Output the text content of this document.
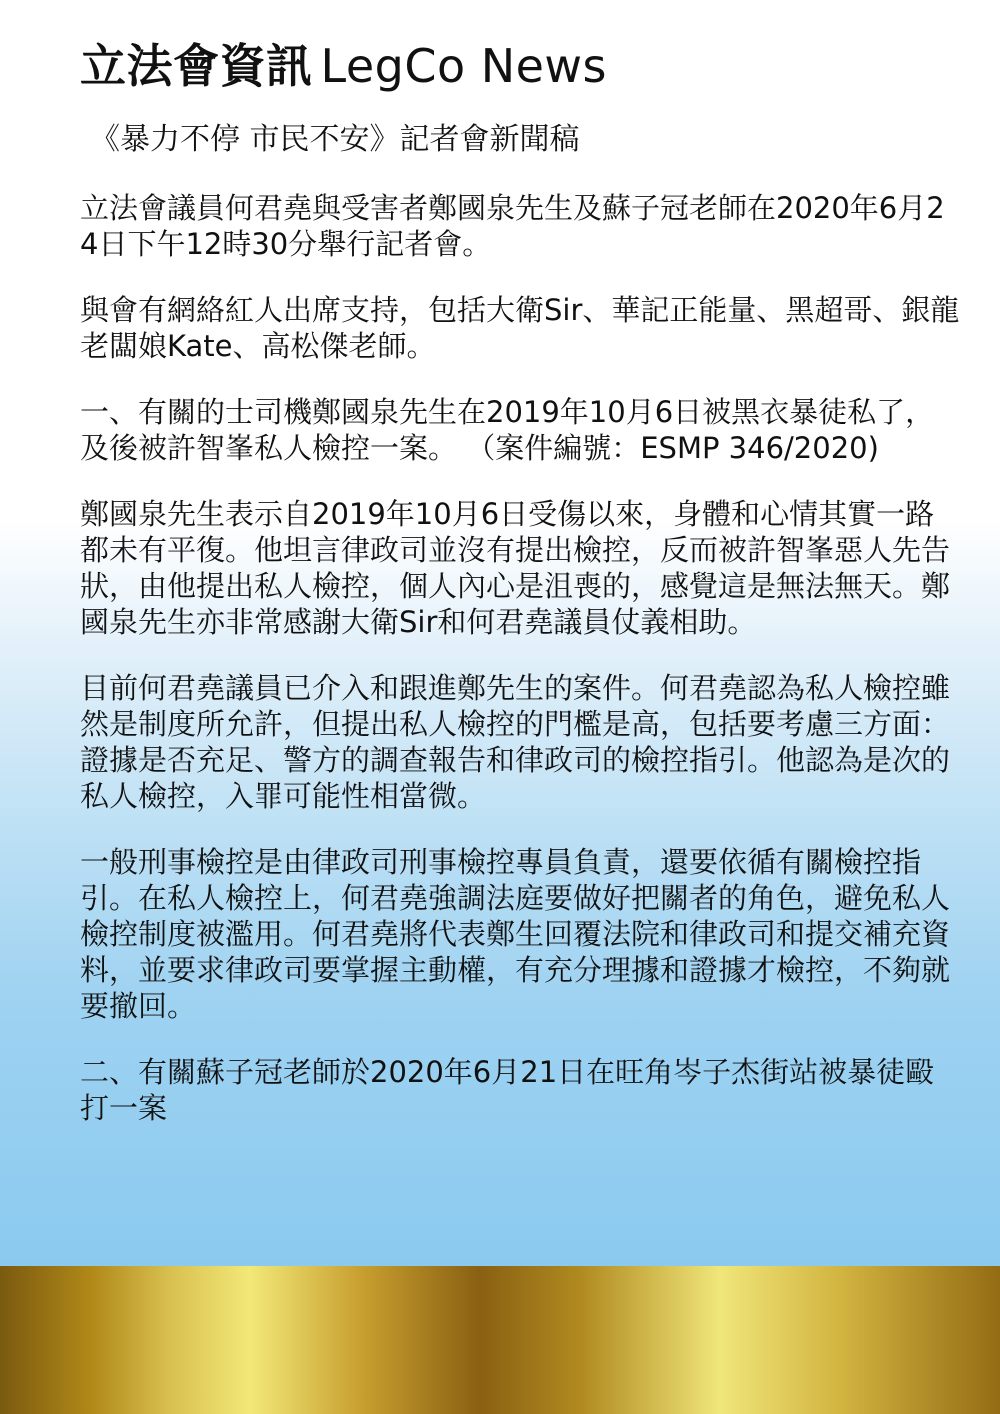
立法會資訊 LegCo News
《暴力不停 市民不安》記者會新聞稿

立法會議員何君堯與受害者鄭國泉先生及蘇子冠老師在2020年6月24日下午12時30分舉行記者會。

與會有網絡紅人出席支持，包括大衛Sir、華記正能量、黑超哥、銀龍老闆娘Kate、高松傑老師。

一、有關的士司機鄭國泉先生在2019年10月6日被黑衣暴徒私了，及後被許智峯私人檢控一案。 （案件編號：ESMP 346/2020)

鄭國泉先生表示自2019年10月6日受傷以來，身體和心情其實一路都未有平復。他坦言律政司並沒有提出檢控，反而被許智峯惡人先告狀，由他提出私人檢控，個人內心是沮喪的，感覺這是無法無天。鄭國泉先生亦非常感謝大衛Sir和何君堯議員仗義相助。

目前何君堯議員已介入和跟進鄭先生的案件。何君堯認為私人檢控雖然是制度所允許，但提出私人檢控的門檻是高，包括要考慮三方面：證據是否充足、警方的調查報告和律政司的檢控指引。他認為是次的私人檢控，入罪可能性相當微。

一般刑事檢控是由律政司刑事檢控專員負責，還要依循有關檢控指引。在私人檢控上，何君堯強調法庭要做好把關者的角色，避免私人檢控制度被濫用。何君堯將代表鄭生回覆法院和律政司和提交補充資料，並要求律政司要掌握主動權，有充分理據和證據才檢控，不夠就要撤回。

二、有關蘇子冠老師於2020年6月21日在旺角岑子杰街站被暴徒毆打一案
